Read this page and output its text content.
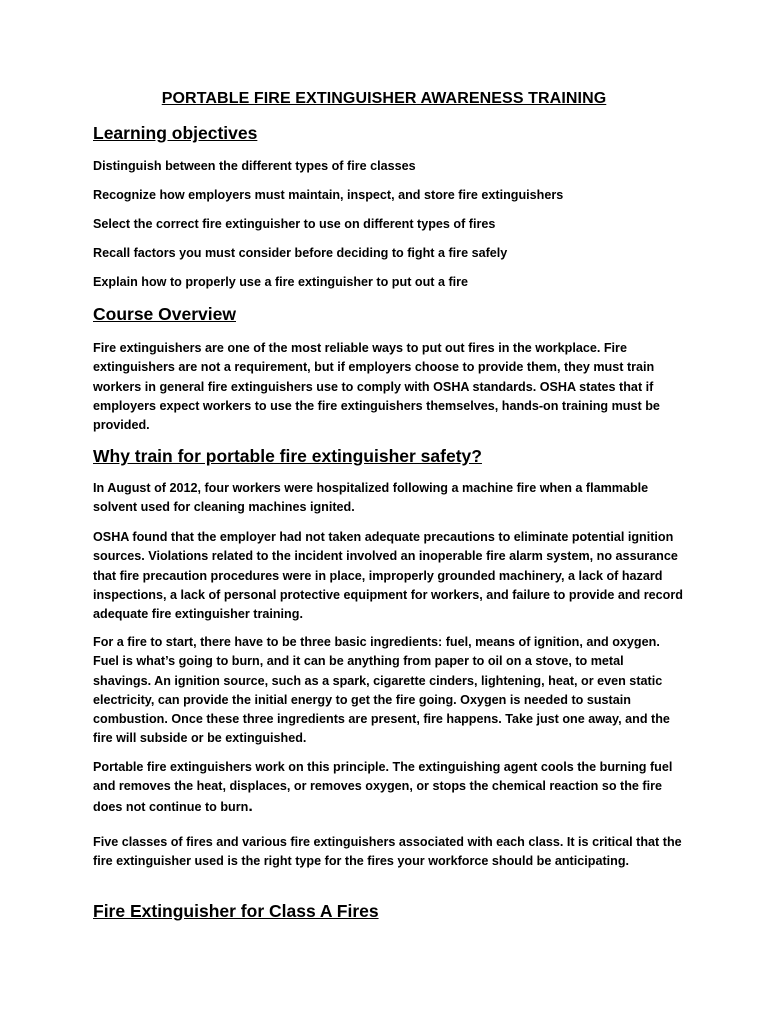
PORTABLE FIRE EXTINGUISHER AWARENESS TRAINING
Learning objectives
Distinguish between the different types of fire classes
Recognize how employers must maintain, inspect, and store fire extinguishers
Select the correct fire extinguisher to use on different types of fires
Recall factors you must consider before deciding to fight a fire safely
Explain how to properly use a fire extinguisher to put out a fire
Course Overview
Fire extinguishers are one of the most reliable ways to put out fires in the workplace. Fire extinguishers are not a requirement, but if employers choose to provide them, they must train workers in general fire extinguishers use to comply with OSHA standards. OSHA states that if employers expect workers to use the fire extinguishers themselves, hands-on training must be provided.
Why train for portable fire extinguisher safety?
In August of 2012, four workers were hospitalized following a machine fire when a flammable solvent used for cleaning machines ignited.
OSHA found that the employer had not taken adequate precautions to eliminate potential ignition sources. Violations related to the incident involved an inoperable fire alarm system, no assurance that fire precaution procedures were in place, improperly grounded machinery, a lack of hazard inspections, a lack of personal protective equipment for workers, and failure to provide and record adequate fire extinguisher training.
For a fire to start, there have to be three basic ingredients: fuel, means of ignition, and oxygen. Fuel is what’s going to burn, and it can be anything from paper to oil on a stove, to metal shavings. An ignition source, such as a spark, cigarette cinders, lightening, heat, or even static electricity, can provide the initial energy to get the fire going. Oxygen is needed to sustain combustion. Once these three ingredients are present, fire happens. Take just one away, and the fire will subside or be extinguished.
Portable fire extinguishers work on this principle. The extinguishing agent cools the burning fuel and removes the heat, displaces, or removes oxygen, or stops the chemical reaction so the fire does not continue to burn.
Five classes of fires and various fire extinguishers associated with each class. It is critical that the fire extinguisher used is the right type for the fires your workforce should be anticipating.
Fire Extinguisher for Class A Fires
